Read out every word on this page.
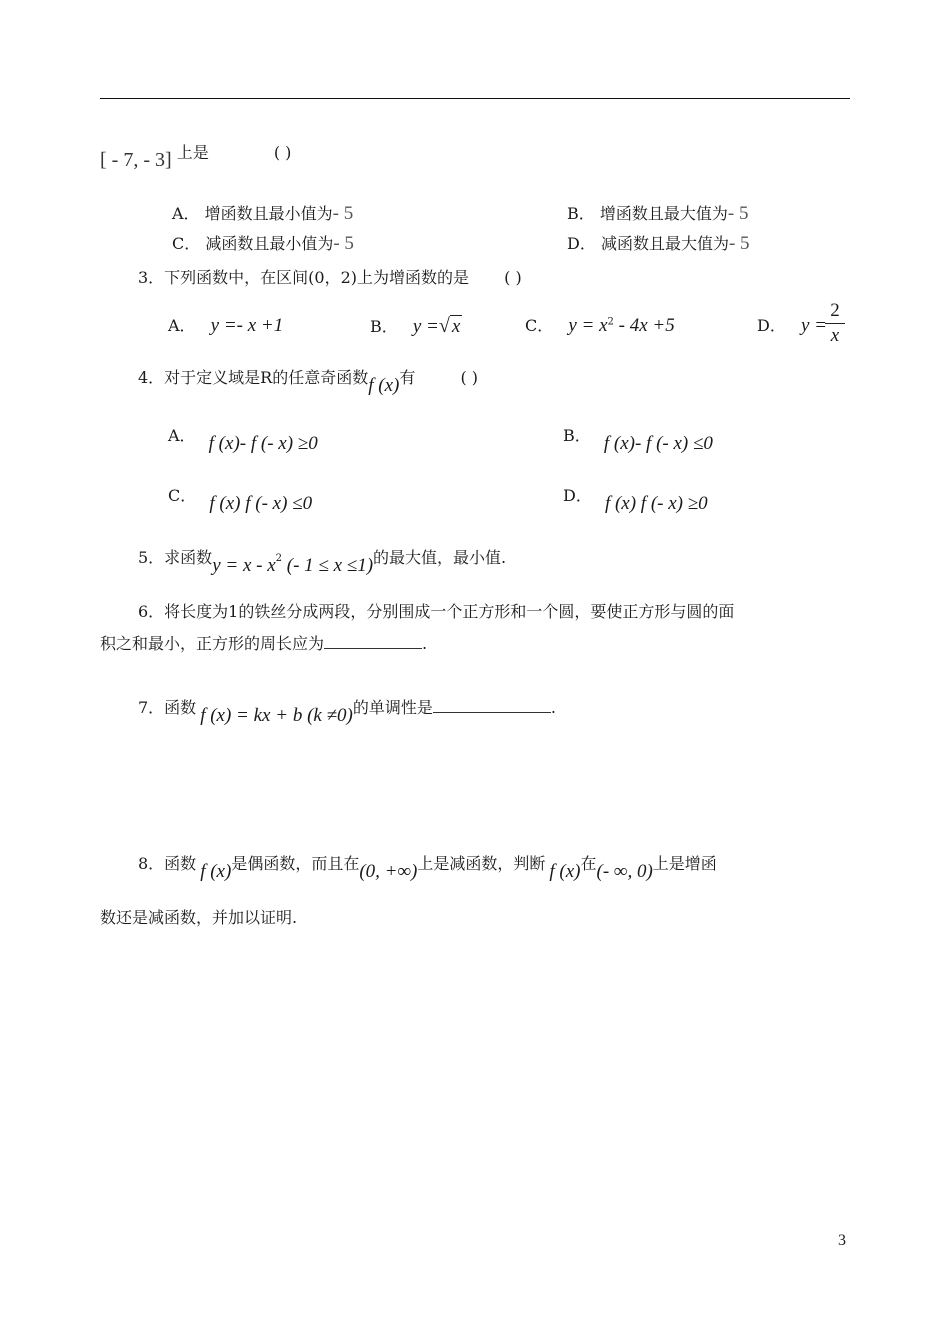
[ - 7, - 3] 上是	( )
A． 增函数且最小值为- 5	B． 增函数且最大值为- 5
C． 减函数且最小值为- 5	D． 减函数且最大值为- 5
3．下列函数中，在区间(0，2)上为增函数的是 ( )
A． y =- x +1	B． y =√ x	C． $y = x^2 - 4x +5$	D． y =
2
x
4．对于定义域是R的任意奇函数f (x)有	( )
A． f (x)- f (- x) ≥0	B． f (x)- f (- x) ≤0
C． f (x) f (- x) ≤0	D． f (x) f (- x) ≥0
5．求函数$y = x - x^2$ (- 1 ≤ x ≤1)的最大值，最小值.
6．将长度为1的铁丝分成两段，分别围成一个正方形和一个圆，要使正方形与圆的面
积之和最小，正方形的周长应为	.
7．函数 f (x) = kx + b (k ≠0)的单调性是	.
8．函数 f (x)是偶函数，而且在(0, +∞)上是减函数，判断 f (x)在(- ∞, 0)上是增函
数还是减函数，并加以证明.
3
